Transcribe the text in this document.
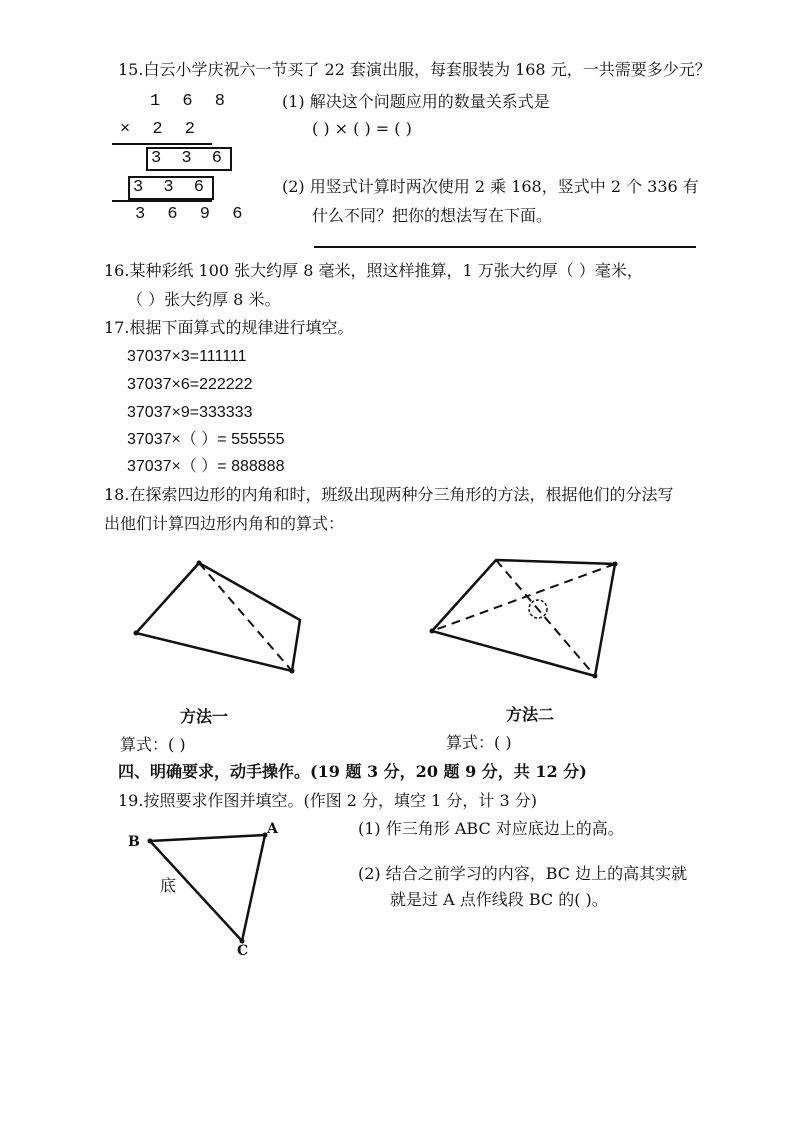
15.白云小学庆祝六一节买了 22 套演出服，每套服装为 168 元，一共需要多少元？
1 6 8
× 2 2
3 3 6
3 3 6
3 6 9 6
(1) 解决这个问题应用的数量关系式是
( ) × ( ) = ( )
(2) 用竖式计算时两次使用 2 乘 168，竖式中 2 个 336 有
什么不同？把你的想法写在下面。
16.某种彩纸 100 张大约厚 8 毫米，照这样推算，1 万张大约厚（ ）毫米，
（ ）张大约厚 8 米。
17.根据下面算式的规律进行填空。
37037×3=111111
37037×6=222222
37037×9=333333
37037×（ ）= 555555
37037×（ ）= 888888
18.在探索四边形的内角和时，班级出现两种分三角形的方法，根据他们的分法写
出他们计算四边形内角和的算式：
方法一	方法二
算式：( )	算式：( )
四、明确要求，动手操作。(19 题 3 分，20 题 9 分，共 12 分)
19.按照要求作图并填空。(作图 2 分，填空 1 分，计 3 分)
(1) 作三角形 ABC 对应底边上的高。
(2) 结合之前学习的内容，BC 边上的高其实就
就是过 A 点作线段 BC 的( )。
A
B
C
底
